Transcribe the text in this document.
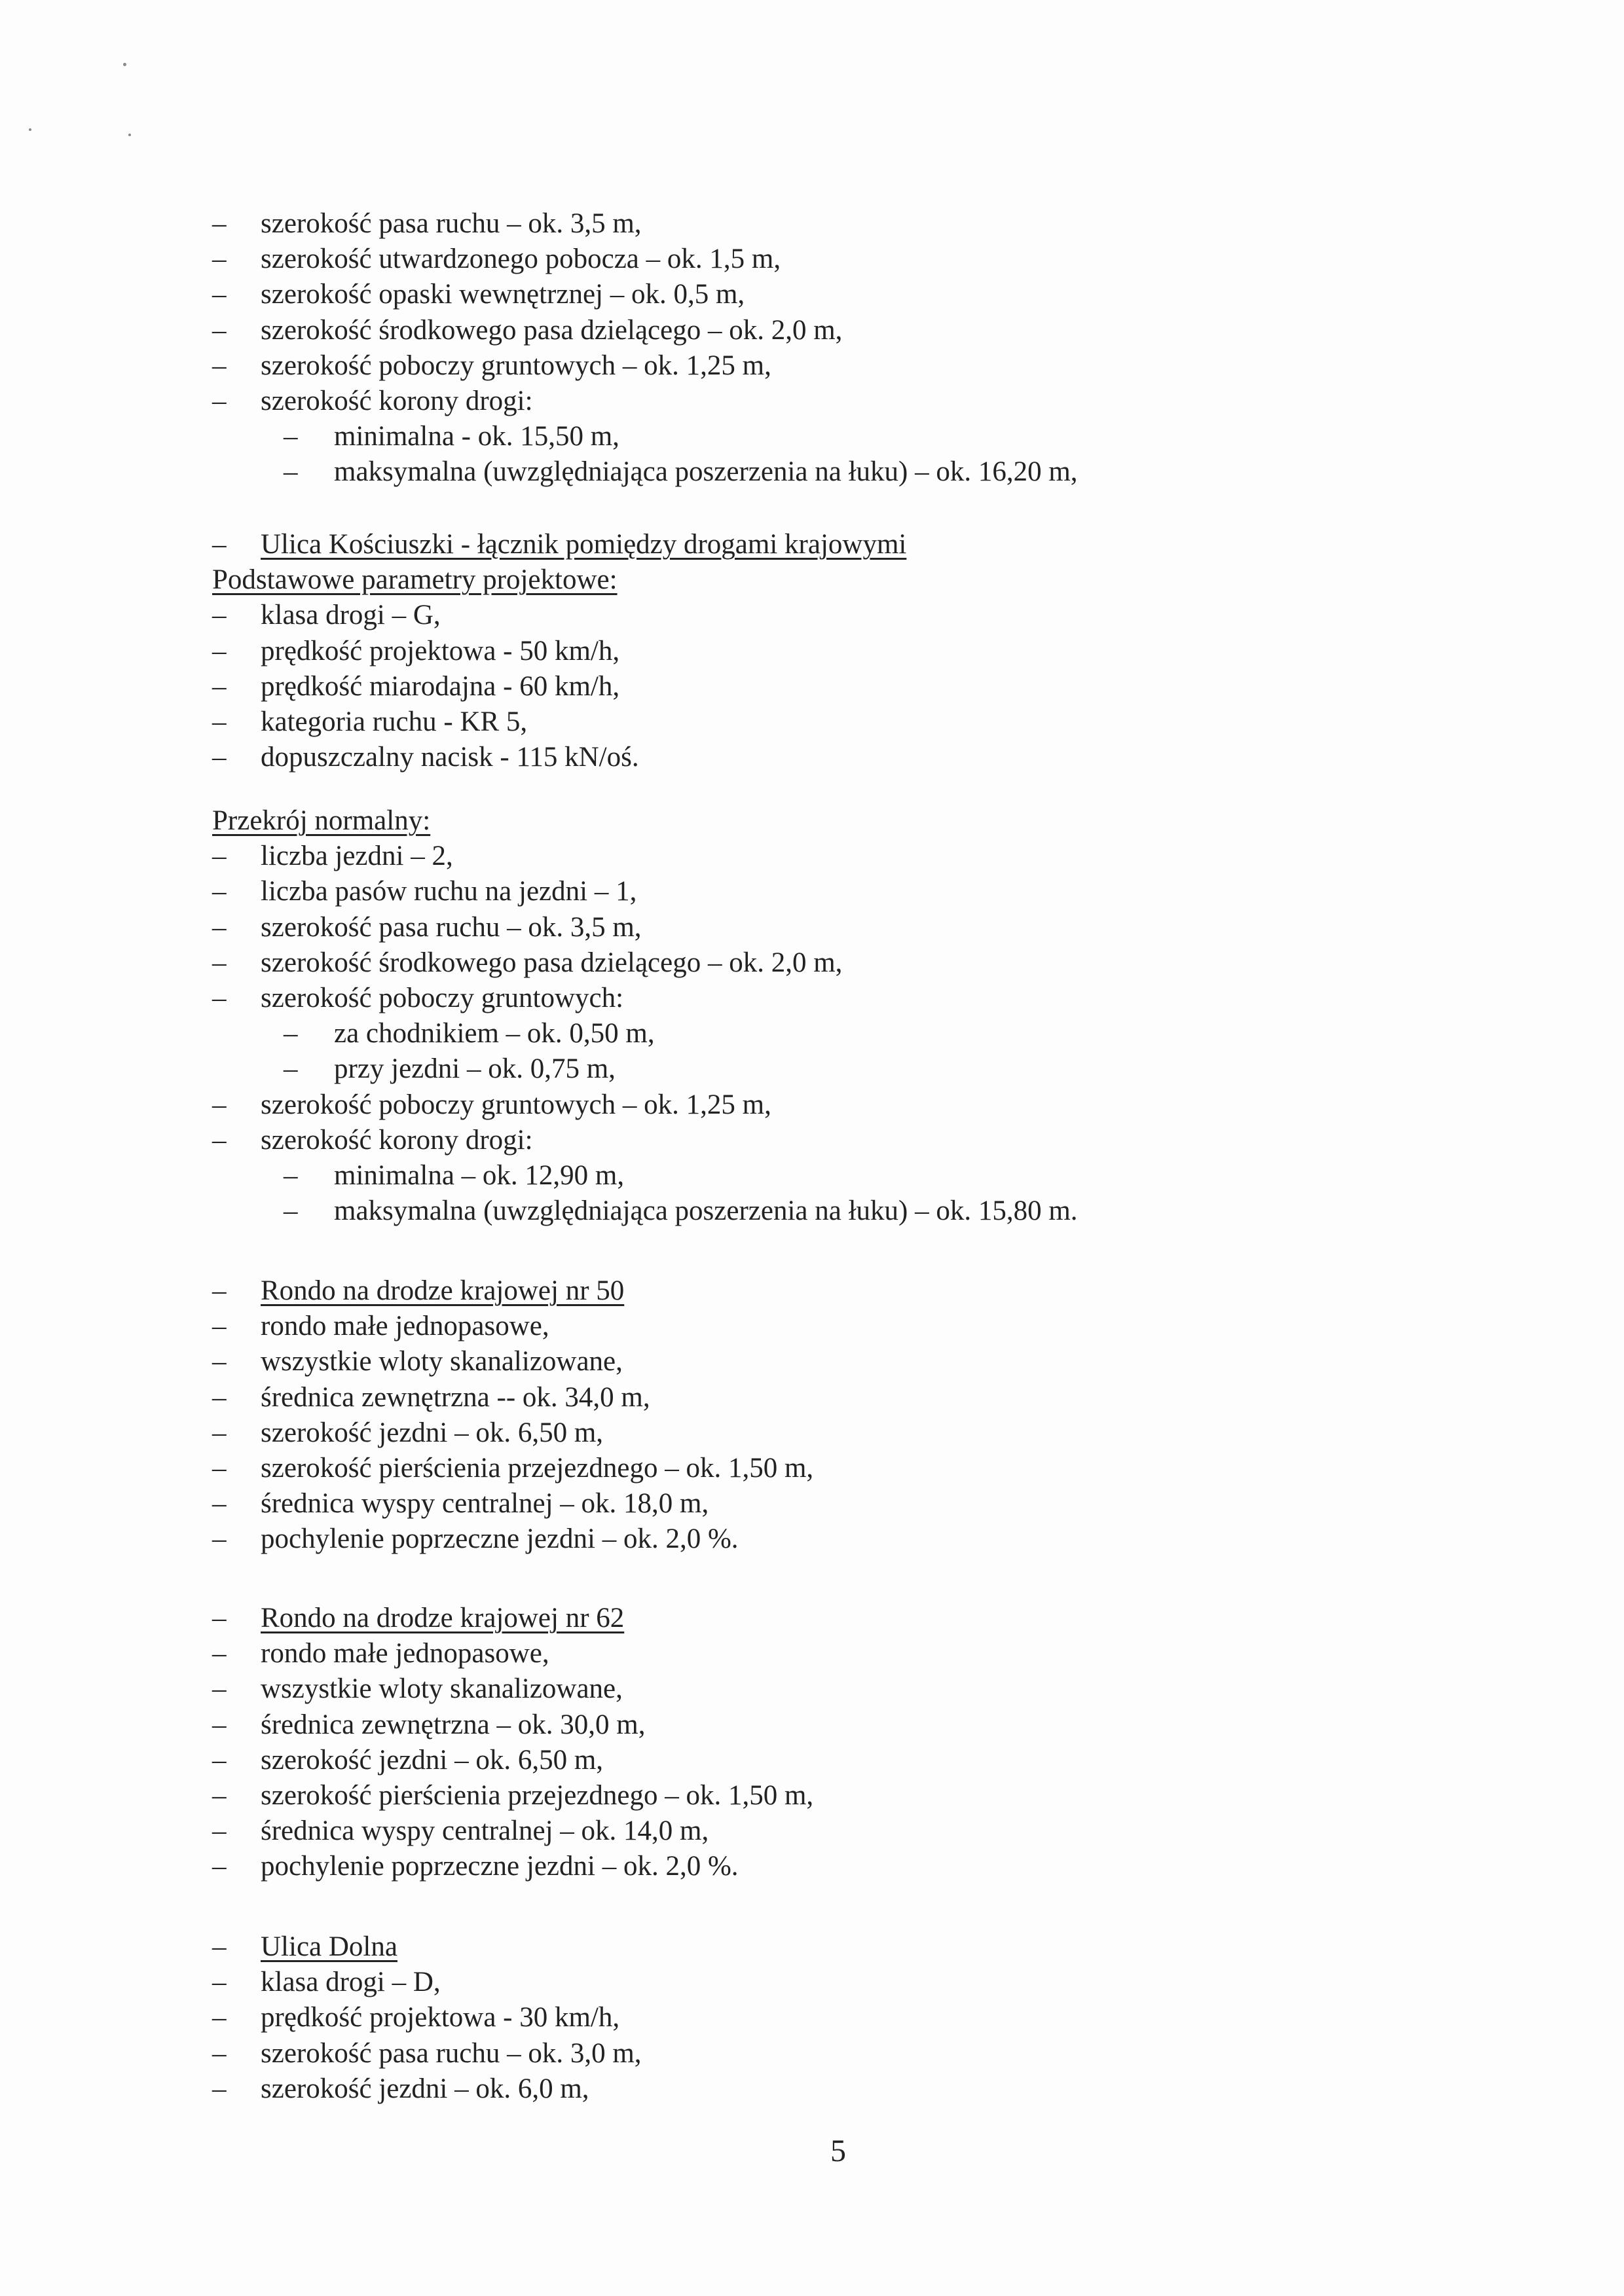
– szerokość pasa ruchu – ok. 3,5 m,
– szerokość utwardzonego pobocza – ok. 1,5 m,
– szerokość opaski wewnętrznej – ok. 0,5 m,
– szerokość środkowego pasa dzielącego – ok. 2,0 m,
– szerokość poboczy gruntowych – ok. 1,25 m,
– szerokość korony drogi:
– minimalna - ok. 15,50 m,
– maksymalna (uwzględniająca poszerzenia na łuku) – ok. 16,20 m,
– Ulica Kościuszki - łącznik pomiędzy drogami krajowymi
Podstawowe parametry projektowe:
– klasa drogi – G,
– prędkość projektowa - 50 km/h,
– prędkość miarodajna - 60 km/h,
– kategoria ruchu - KR 5,
– dopuszczalny nacisk - 115 kN/oś.
Przekrój normalny:
– liczba jezdni – 2,
– liczba pasów ruchu na jezdni – 1,
– szerokość pasa ruchu – ok. 3,5 m,
– szerokość środkowego pasa dzielącego – ok. 2,0 m,
– szerokość poboczy gruntowych:
– za chodnikiem – ok. 0,50 m,
– przy jezdni – ok. 0,75 m,
– szerokość poboczy gruntowych – ok. 1,25 m,
– szerokość korony drogi:
– minimalna – ok. 12,90 m,
– maksymalna (uwzględniająca poszerzenia na łuku) – ok. 15,80 m.
– Rondo na drodze krajowej nr 50
– rondo małe jednopasowe,
– wszystkie wloty skanalizowane,
– średnica zewnętrzna -- ok. 34,0 m,
– szerokość jezdni – ok. 6,50 m,
– szerokość pierścienia przejezdnego – ok. 1,50 m,
– średnica wyspy centralnej – ok. 18,0 m,
– pochylenie poprzeczne jezdni – ok. 2,0 %.
– Rondo na drodze krajowej nr 62
– rondo małe jednopasowe,
– wszystkie wloty skanalizowane,
– średnica zewnętrzna – ok. 30,0 m,
– szerokość jezdni – ok. 6,50 m,
– szerokość pierścienia przejezdnego – ok. 1,50 m,
– średnica wyspy centralnej – ok. 14,0 m,
– pochylenie poprzeczne jezdni – ok. 2,0 %.
– Ulica Dolna
– klasa drogi – D,
– prędkość projektowa - 30 km/h,
– szerokość pasa ruchu – ok. 3,0 m,
– szerokość jezdni – ok. 6,0 m,
5
